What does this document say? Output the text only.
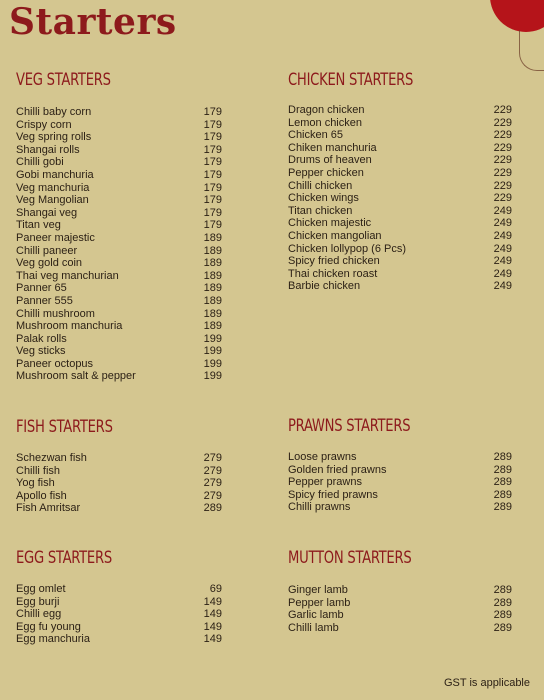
Starters
VEG STARTERS
Chilli baby corn	179
Crispy corn	179
Veg spring rolls	179
Shangai rolls	179
Chilli gobi	179
Gobi manchuria	179
Veg manchuria	179
Veg Mangolian	179
Shangai veg	179
Titan veg	179
Paneer majestic	189
Chilli paneer	189
Veg gold coin	189
Thai veg manchurian	189
Panner 65	189
Panner 555	189
Chilli mushroom	189
Mushroom manchuria	189
Palak rolls	199
Veg sticks	199
Paneer octopus	199
Mushroom salt & pepper	199
CHICKEN STARTERS
Dragon chicken	229
Lemon chicken	229
Chicken 65	229
Chiken manchuria	229
Drums of heaven	229
Pepper chicken	229
Chilli chicken	229
Chicken wings	229
Titan chicken	249
Chicken majestic	249
Chicken mangolian	249
Chicken lollypop (6 Pcs)	249
Spicy fried chicken	249
Thai chicken roast	249
Barbie chicken	249
FISH STARTERS
Schezwan fish	279
Chilli fish	279
Yog fish	279
Apollo fish	279
Fish Amritsar	289
PRAWNS STARTERS
Loose prawns	289
Golden fried prawns	289
Pepper prawns	289
Spicy fried prawns	289
Chilli prawns	289
EGG STARTERS
Egg omlet	69
Egg burji	149
Chilli egg	149
Egg fu young	149
Egg manchuria	149
MUTTON STARTERS
Ginger lamb	289
Pepper lamb	289
Garlic lamb	289
Chilli lamb	289
GST is applicable
